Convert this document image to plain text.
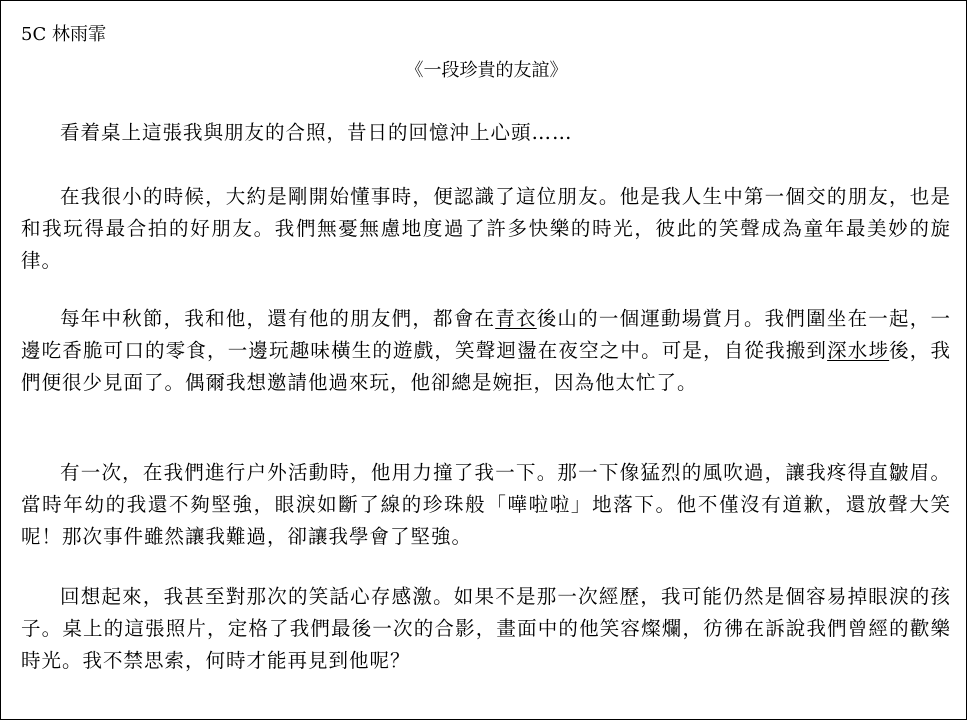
5C 林雨霏
《一段珍貴的友誼》

看着桌上這張我與朋友的合照，昔日的回憶沖上心頭……

在我很小的時候，大約是剛開始懂事時，便認識了這位朋友。他是我人生中第一個交的朋友，也是和我玩得最合拍的好朋友。我們無憂無慮地度過了許多快樂的時光，彼此的笑聲成為童年最美妙的旋律。

每年中秋節，我和他，還有他的朋友們，都會在青衣後山的一個運動場賞月。我們圍坐在一起，一邊吃香脆可口的零食，一邊玩趣味橫生的遊戲，笑聲迴盪在夜空之中。可是，自從我搬到深水埗後，我們便很少見面了。偶爾我想邀請他過來玩，他卻總是婉拒，因為他太忙了。

有一次，在我們進行户外活動時，他用力撞了我一下。那一下像猛烈的風吹過，讓我疼得直皺眉。當時年幼的我還不夠堅強，眼淚如斷了線的珍珠般「嘩啦啦」地落下。他不僅沒有道歉，還放聲大笑呢！那次事件雖然讓我難過，卻讓我學會了堅強。

回想起來，我甚至對那次的笑話心存感激。如果不是那一次經歷，我可能仍然是個容易掉眼淚的孩子。桌上的這張照片，定格了我們最後一次的合影，畫面中的他笑容燦爛，彷彿在訴說我們曾經的歡樂時光。我不禁思索，何時才能再見到他呢？
